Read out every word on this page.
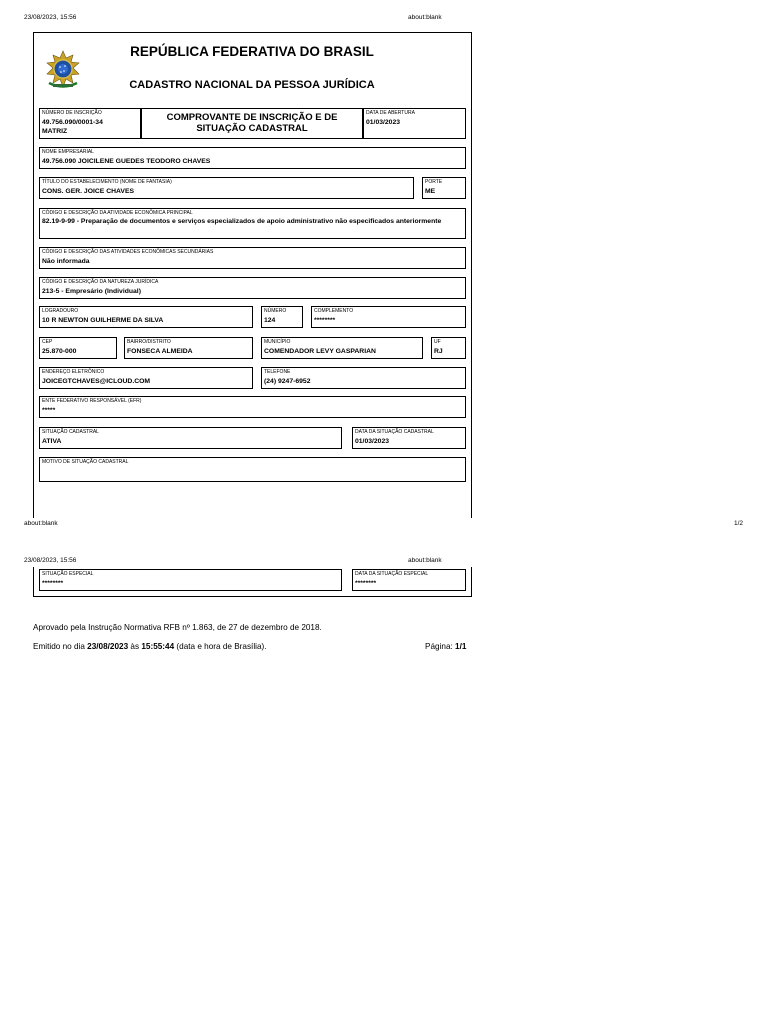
23/08/2023, 15:56	about:blank
REPÚBLICA FEDERATIVA DO BRASIL
CADASTRO NACIONAL DA PESSOA JURÍDICA
NÚMERO DE INSCRIÇÃO
49.756.090/0001-34
MATRIZ
COMPROVANTE DE INSCRIÇÃO E DE SITUAÇÃO CADASTRAL
DATA DE ABERTURA
01/03/2023
NOME EMPRESARIAL
49.756.090 JOICILENE GUEDES TEODORO CHAVES
TÍTULO DO ESTABELECIMENTO (NOME DE FANTASIA)
CONS. GER. JOICE CHAVES
PORTE
ME
CÓDIGO E DESCRIÇÃO DA ATIVIDADE ECONÔMICA PRINCIPAL
82.19-9-99 - Preparação de documentos e serviços especializados de apoio administrativo não especificados anteriormente
CÓDIGO E DESCRIÇÃO DAS ATIVIDADES ECONÔMICAS SECUNDÁRIAS
Não informada
CÓDIGO E DESCRIÇÃO DA NATUREZA JURÍDICA
213-5 - Empresário (Individual)
LOGRADOURO
10 R NEWTON GUILHERME DA SILVA
NÚMERO
124
COMPLEMENTO
********
CEP
25.870-000
BAIRRO/DISTRITO
FONSECA ALMEIDA
MUNICÍPIO
COMENDADOR LEVY GASPARIAN
UF
RJ
ENDEREÇO ELETRÔNICO
JOICEGTCHAVES@ICLOUD.COM
TELEFONE
(24) 9247-6952
ENTE FEDERATIVO RESPONSÁVEL (EFR)
*****
SITUAÇÃO CADASTRAL
ATIVA
DATA DA SITUAÇÃO CADASTRAL
01/03/2023
MOTIVO DE SITUAÇÃO CADASTRAL
about:blank	1/2
23/08/2023, 15:56	about:blank
SITUAÇÃO ESPECIAL
********
DATA DA SITUAÇÃO ESPECIAL
********
Aprovado pela Instrução Normativa RFB nº 1.863, de 27 de dezembro de 2018.
Emitido no dia 23/08/2023 às 15:55:44 (data e hora de Brasília).	Página: 1/1
